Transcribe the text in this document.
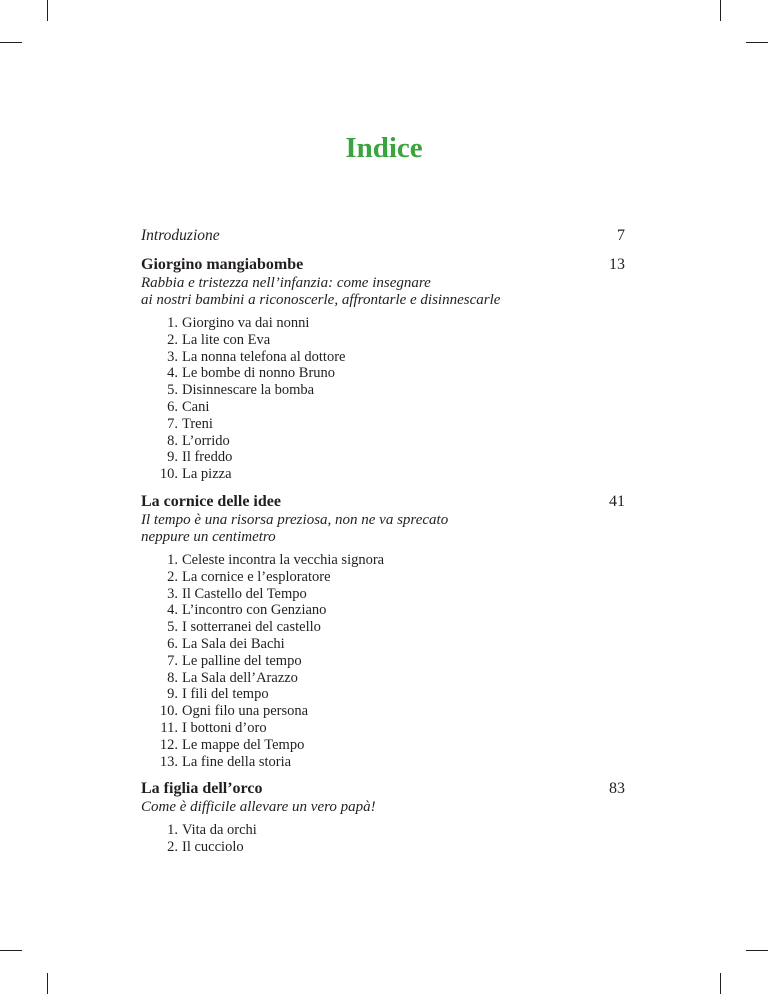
Indice
Introduzione	7
Giorgino mangiabombe	13
Rabbia e tristezza nell’infanzia: come insegnare
ai nostri bambini a riconoscerle, affrontarle e disinnescarle
1. Giorgino va dai nonni
2. La lite con Eva
3. La nonna telefona al dottore
4. Le bombe di nonno Bruno
5. Disinnescare la bomba
6. Cani
7. Treni
8. L’orrido
9. Il freddo
10. La pizza
La cornice delle idee	41
Il tempo è una risorsa preziosa, non ne va sprecato
neppure un centimetro
1. Celeste incontra la vecchia signora
2. La cornice e l’esploratore
3. Il Castello del Tempo
4. L’incontro con Genziano
5. I sotterranei del castello
6. La Sala dei Bachi
7. Le palline del tempo
8. La Sala dell’Arazzo
9. I fili del tempo
10. Ogni filo una persona
11. I bottoni d’oro
12. Le mappe del Tempo
13. La fine della storia
La figlia dell’orco	83
Come è difficile allevare un vero papà!
1. Vita da orchi
2. Il cucciolo
